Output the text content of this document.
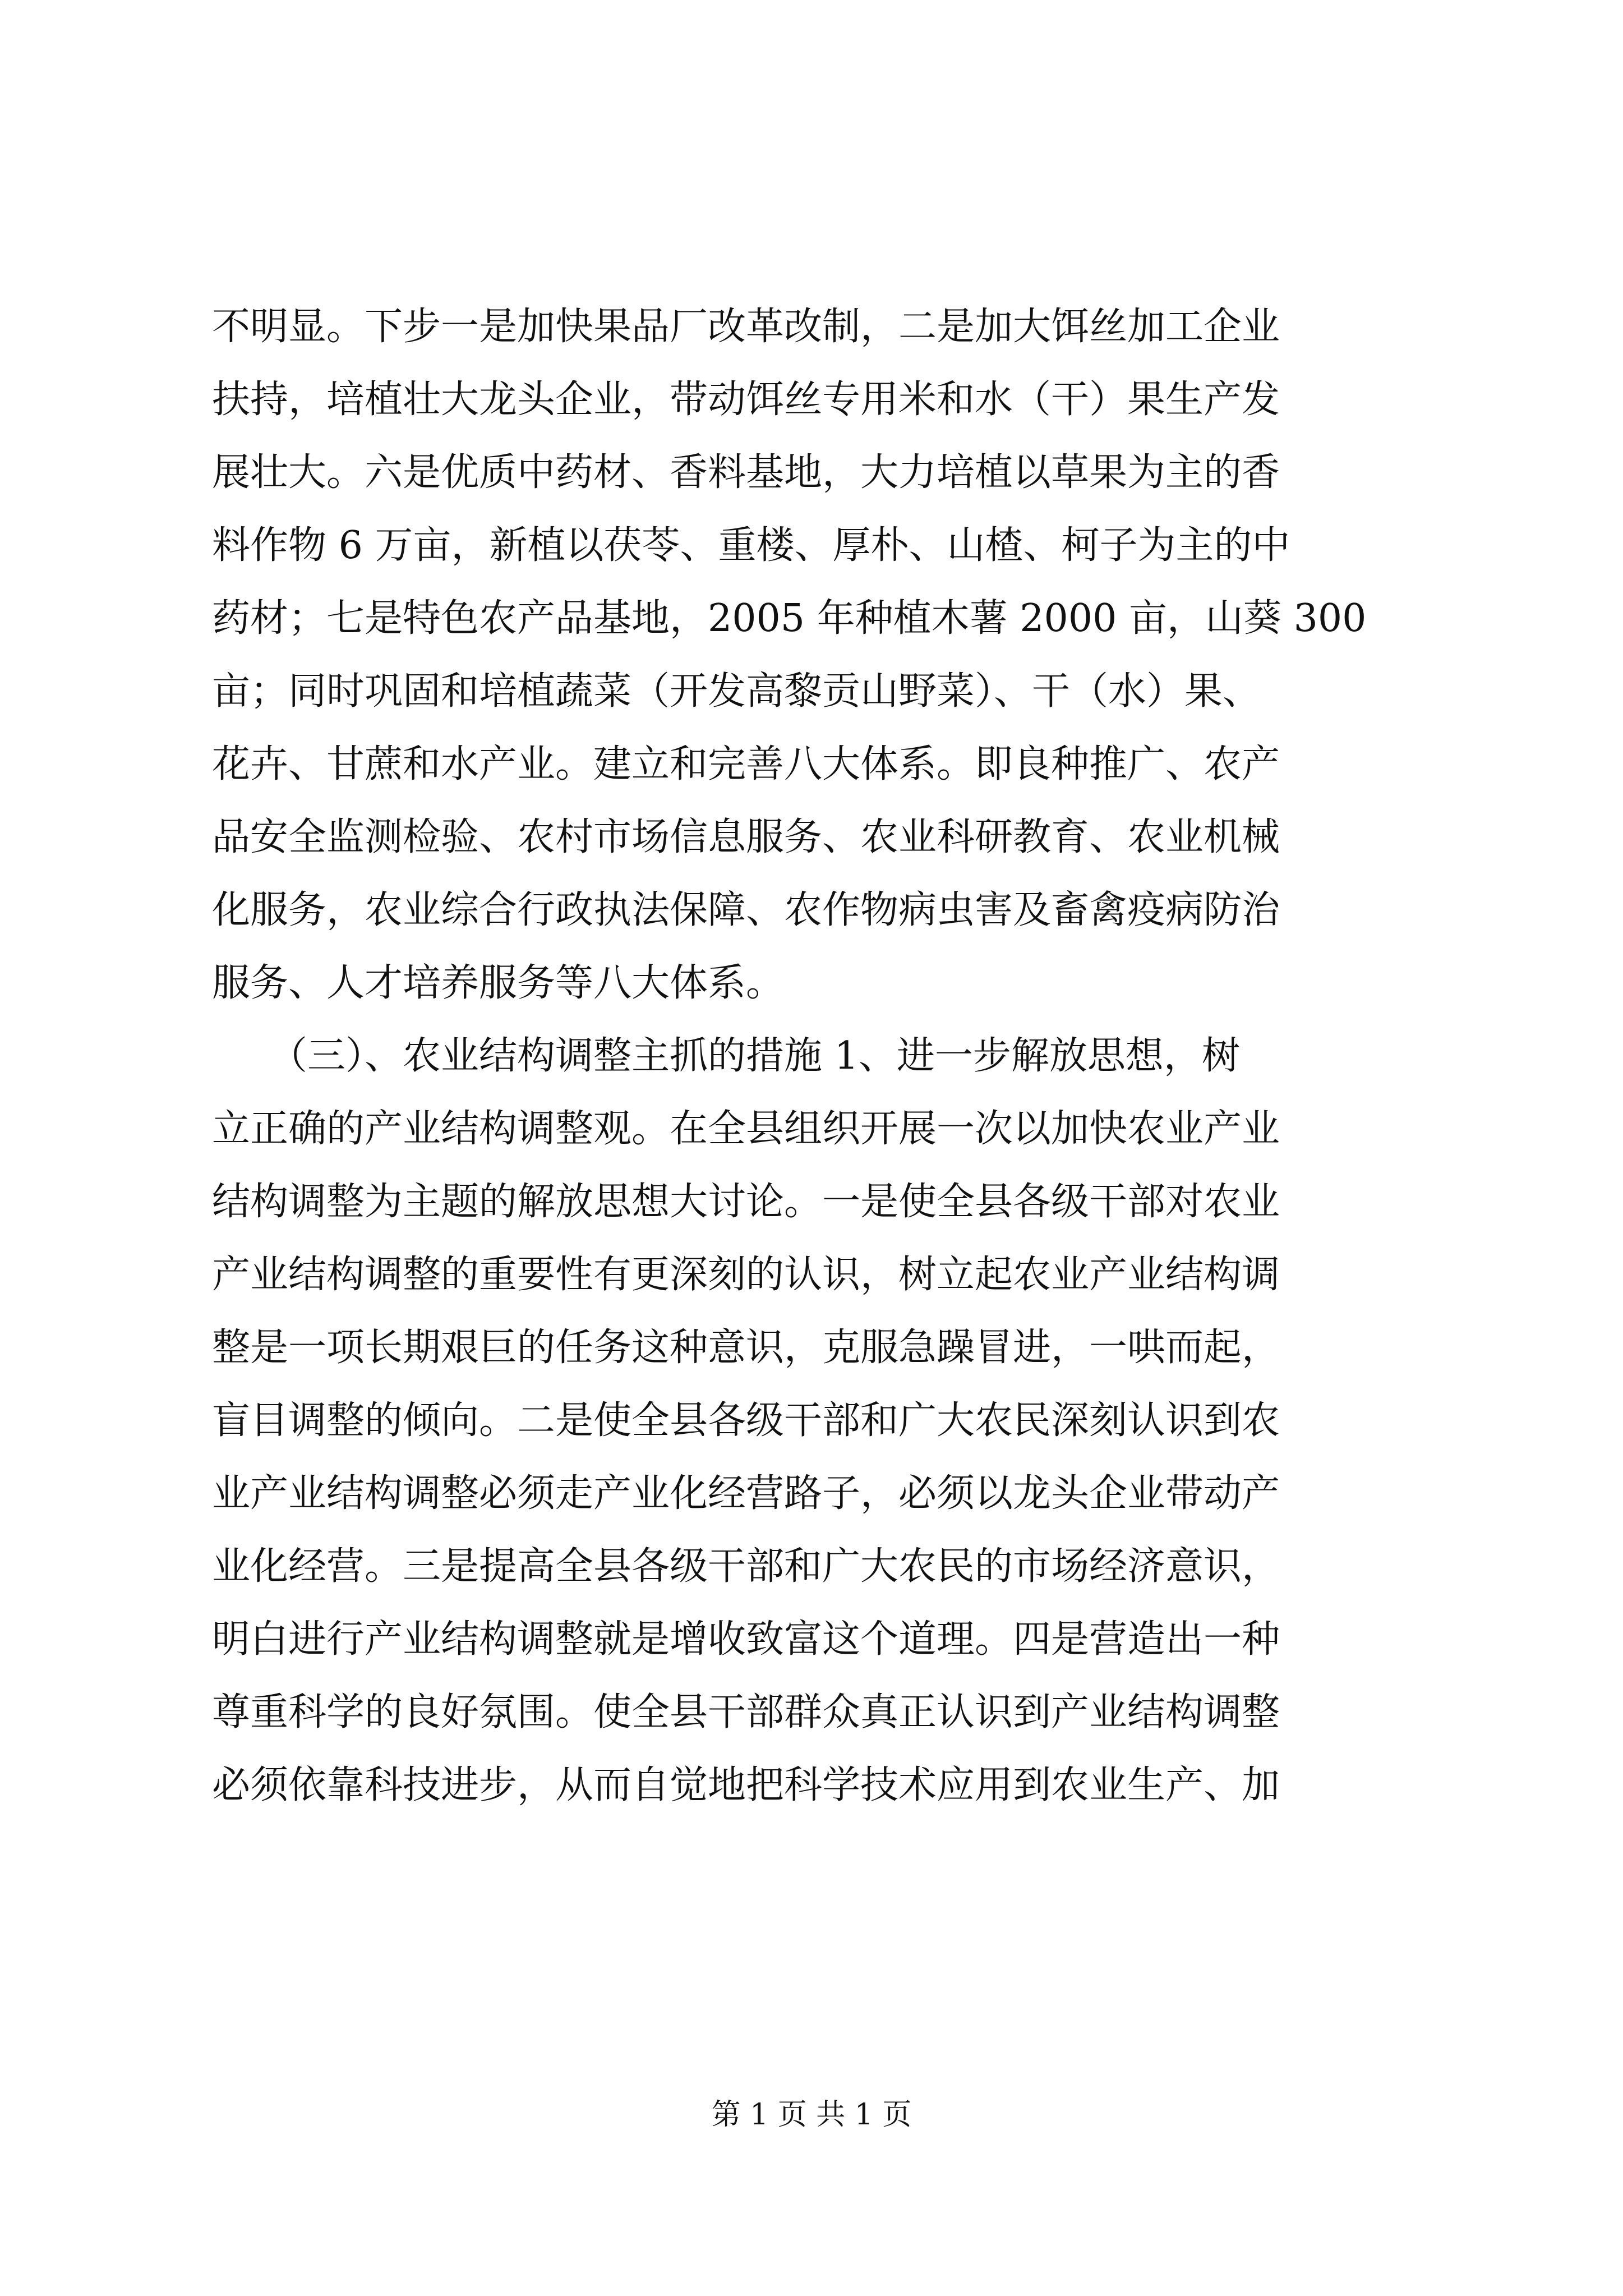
不明显。下步一是加快果品厂改革改制，二是加大饵丝加工企业
扶持，培植壮大龙头企业，带动饵丝专用米和水（干）果生产发
展壮大。六是优质中药材、香料基地，大力培植以草果为主的香
料作物 6 万亩，新植以茯苓、重楼、厚朴、山楂、柯子为主的中
药材；七是特色农产品基地，2005 年种植木薯 2000 亩，山葵 300
亩；同时巩固和培植蔬菜（开发高黎贡山野菜）、干（水）果、
花卉、甘蔗和水产业。建立和完善八大体系。即良种推广、农产
品安全监测检验、农村市场信息服务、农业科研教育、农业机械
化服务，农业综合行政执法保障、农作物病虫害及畜禽疫病防治
服务、人才培养服务等八大体系。
　　（三）、农业结构调整主抓的措施 1、进一步解放思想，树
立正确的产业结构调整观。在全县组织开展一次以加快农业产业
结构调整为主题的解放思想大讨论。一是使全县各级干部对农业
产业结构调整的重要性有更深刻的认识，树立起农业产业结构调
整是一项长期艰巨的任务这种意识，克服急躁冒进，一哄而起，
盲目调整的倾向。二是使全县各级干部和广大农民深刻认识到农
业产业结构调整必须走产业化经营路子，必须以龙头企业带动产
业化经营。三是提高全县各级干部和广大农民的市场经济意识，
明白进行产业结构调整就是增收致富这个道理。四是营造出一种
尊重科学的良好氛围。使全县干部群众真正认识到产业结构调整
必须依靠科技进步，从而自觉地把科学技术应用到农业生产、加
第 1 页 共 1 页
